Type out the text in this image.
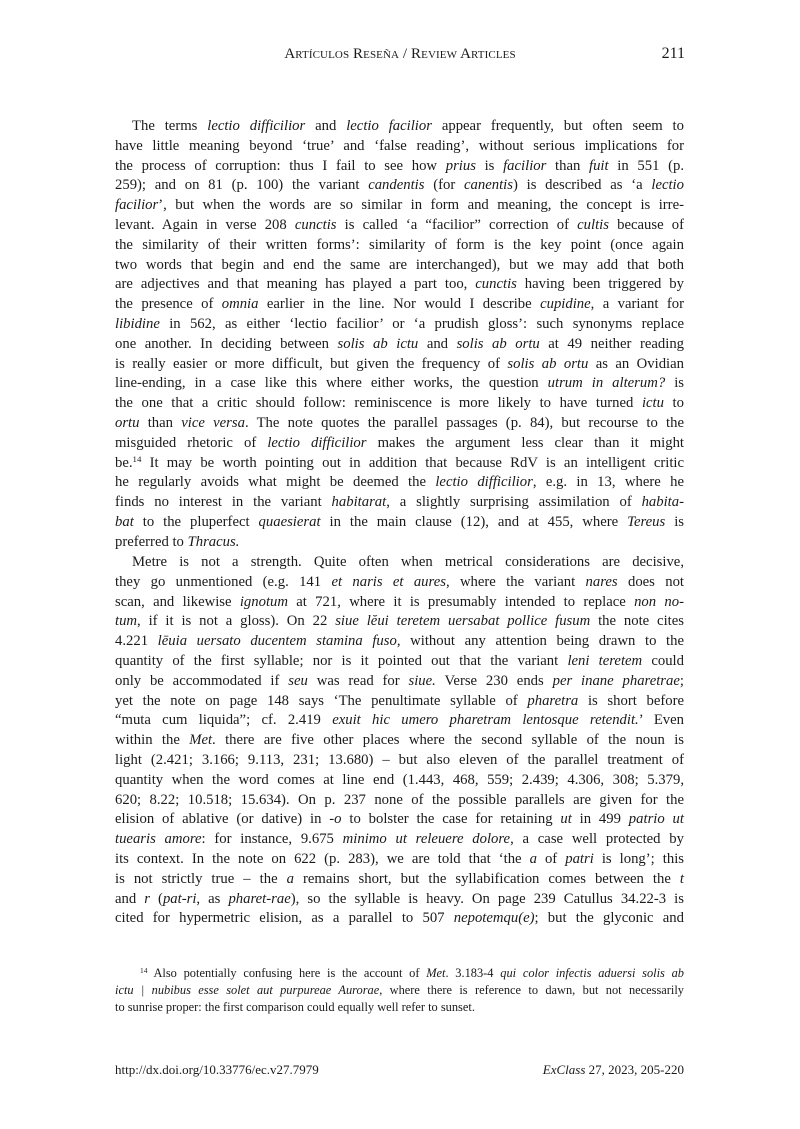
Artículos Reseña / Review Articles	211
The terms lectio difficilior and lectio facilior appear frequently, but often seem to
have little meaning beyond ‘true’ and ‘false reading’, without serious implications for
the process of corruption: thus I fail to see how prius is facilior than fuit in 551 (p.
259); and on 81 (p. 100) the variant candentis (for canentis) is described as ‘a lectio
facilior’, but when the words are so similar in form and meaning, the concept is irre-
levant. Again in verse 208 cunctis is called ‘a “facilior” correction of cultis because of
the similarity of their written forms’: similarity of form is the key point (once again
two words that begin and end the same are interchanged), but we may add that both
are adjectives and that meaning has played a part too, cunctis having been triggered by
the presence of omnia earlier in the line. Nor would I describe cupidine, a variant for
libidine in 562, as either ‘lectio facilior’ or ‘a prudish gloss’: such synonyms replace
one another. In deciding between solis ab ictu and solis ab ortu at 49 neither reading
is really easier or more difficult, but given the frequency of solis ab ortu as an Ovidian
line-ending, in a case like this where either works, the question utrum in alterum? is
the one that a critic should follow: reminiscence is more likely to have turned ictu to
ortu than vice versa. The note quotes the parallel passages (p. 84), but recourse to the
misguided rhetoric of lectio difficilior makes the argument less clear than it might
be.$^{14}$ It may be worth pointing out in addition that because RdV is an intelligent critic
he regularly avoids what might be deemed the lectio difficilior, e.g. in 13, where he
finds no interest in the variant habitarat, a slightly surprising assimilation of habita-
bat to the pluperfect quaesierat in the main clause (12), and at 455, where Tereus is
preferred to Thracus.
Metre is not a strength. Quite often when metrical considerations are decisive,
they go unmentioned (e.g. 141 et naris et aures, where the variant nares does not
scan, and likewise ignotum at 721, where it is presumably intended to replace non no-
tum, if it is not a gloss). On 22 siue lĕui teretem uersabat pollice fusum the note cites
4.221 lēuia uersato ducentem stamina fuso, without any attention being drawn to the
quantity of the first syllable; nor is it pointed out that the variant leni teretem could
only be accommodated if seu was read for siue. Verse 230 ends per inane pharetrae;
yet the note on page 148 says ‘The penultimate syllable of pharetra is short before
“muta cum liquida”; cf. 2.419 exuit hic umero pharetram lentosque retendit.’ Even
within the Met. there are five other places where the second syllable of the noun is
light (2.421; 3.166; 9.113, 231; 13.680) – but also eleven of the parallel treatment of
quantity when the word comes at line end (1.443, 468, 559; 2.439; 4.306, 308; 5.379,
620; 8.22; 10.518; 15.634). On p. 237 none of the possible parallels are given for the
elision of ablative (or dative) in -o to bolster the case for retaining ut in 499 patrio ut
tuearis amore: for instance, 9.675 minimo ut releuere dolore, a case well protected by
its context. In the note on 622 (p. 283), we are told that ‘the a of patri is long’; this
is not strictly true – the a remains short, but the syllabification comes between the t
and r (pat-ri, as pharet-rae), so the syllable is heavy. On page 239 Catullus 34.22-3 is
cited for hypermetric elision, as a parallel to 507 nepotemqu(e); but the glyconic and
$^{14}$ Also potentially confusing here is the account of Met. 3.183-4 qui color infectis aduersi solis ab
ictu | nubibus esse solet aut purpureae Aurorae, where there is reference to dawn, but not necessarily
to sunrise proper: the first comparison could equally well refer to sunset.
http://dx.doi.org/10.33776/ec.v27.7979	ExClass 27, 2023, 205-220
